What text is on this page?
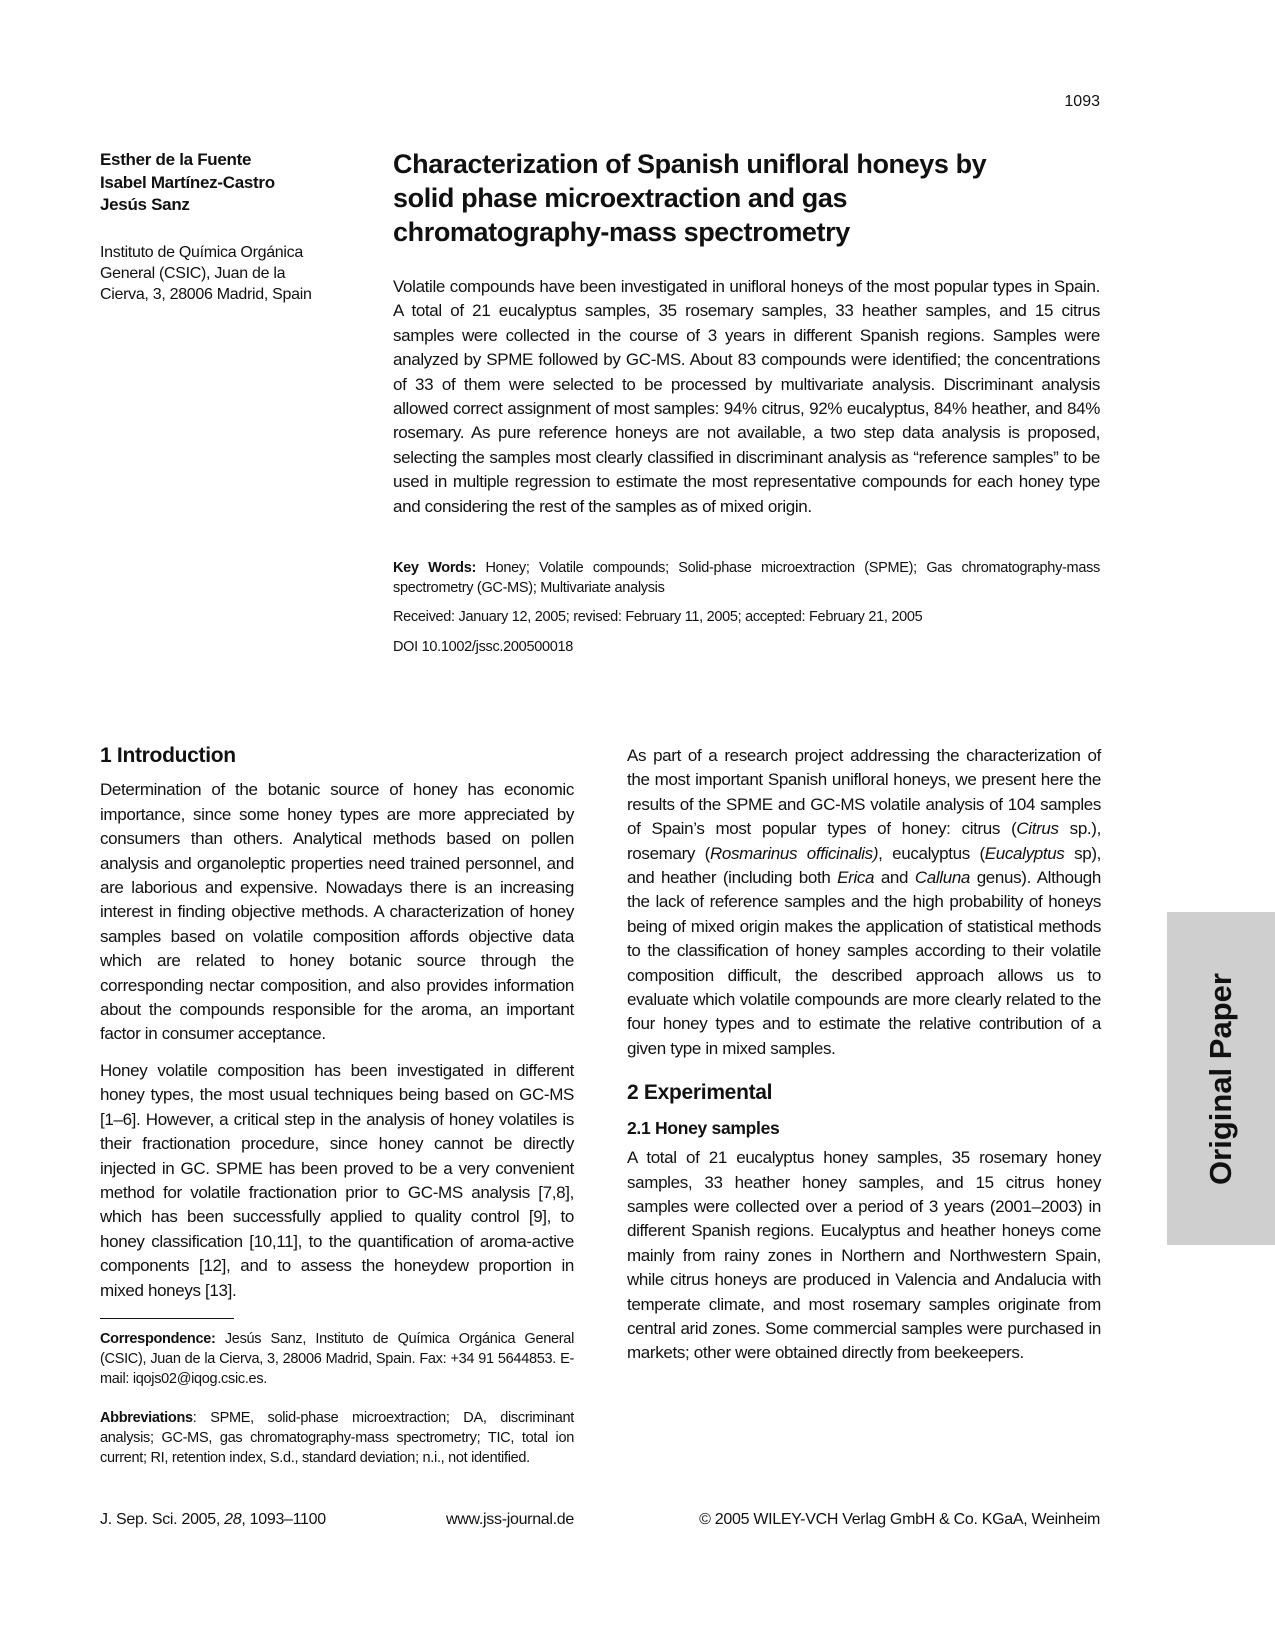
1093
Esther de la Fuente
Isabel Martínez-Castro
Jesús Sanz
Instituto de Química Orgánica
General (CSIC), Juan de la
Cierva, 3, 28006 Madrid, Spain
Characterization of Spanish unifloral honeys by
solid phase microextraction and gas
chromatography-mass spectrometry

Volatile compounds have been investigated in unifloral honeys of the most popular types in Spain. A total of 21 eucalyptus samples, 35 rosemary samples, 33 heather samples, and 15 citrus samples were collected in the course of 3 years in different Spanish regions. Samples were analyzed by SPME followed by GC-MS. About 83 compounds were identified; the concentrations of 33 of them were selected to be processed by multivariate analysis. Discriminant analysis allowed correct assignment of most samples: 94% citrus, 92% eucalyptus, 84% heather, and 84% rosemary. As pure reference honeys are not available, a two step data analysis is proposed, selecting the samples most clearly classified in discriminant analysis as “reference samples” to be used in multiple regression to estimate the most representative compounds for each honey type and considering the rest of the samples as of mixed origin.

Key Words: Honey; Volatile compounds; Solid-phase microextraction (SPME); Gas chromatography-mass spectrometry (GC-MS); Multivariate analysis

Received: January 12, 2005; revised: February 11, 2005; accepted: February 21, 2005

DOI 10.1002/jssc.200500018

1 Introduction

Determination of the botanic source of honey has economic importance, since some honey types are more appreciated by consumers than others. Analytical methods based on pollen analysis and organoleptic properties need trained personnel, and are laborious and expensive. Nowadays there is an increasing interest in finding objective methods. A characterization of honey samples based on volatile composition affords objective data which are related to honey botanic source through the corresponding nectar composition, and also provides information about the compounds responsible for the aroma, an important factor in consumer acceptance.

Honey volatile composition has been investigated in different honey types, the most usual techniques being based on GC-MS [1–6]. However, a critical step in the analysis of honey volatiles is their fractionation procedure, since honey cannot be directly injected in GC. SPME has been proved to be a very convenient method for volatile fractionation prior to GC-MS analysis [7,8], which has been successfully applied to quality control [9], to honey classification [10,11], to the quantification of aroma-active components [12], and to assess the honeydew proportion in mixed honeys [13].

Correspondence: Jesús Sanz, Instituto de Química Orgánica General (CSIC), Juan de la Cierva, 3, 28006 Madrid, Spain. Fax: +34 91 5644853. E-mail: iqojs02@iqog.csic.es.

Abbreviations: SPME, solid-phase microextraction; DA, discriminant analysis; GC-MS, gas chromatography-mass spectrometry; TIC, total ion current; RI, retention index, S.d., standard deviation; n.i., not identified.

As part of a research project addressing the characterization of the most important Spanish unifloral honeys, we present here the results of the SPME and GC-MS volatile analysis of 104 samples of Spain’s most popular types of honey: citrus (Citrus sp.), rosemary (Rosmarinus officinalis), eucalyptus (Eucalyptus sp), and heather (including both Erica and Calluna genus). Although the lack of reference samples and the high probability of honeys being of mixed origin makes the application of statistical methods to the classification of honey samples according to their volatile composition difficult, the described approach allows us to evaluate which volatile compounds are more clearly related to the four honey types and to estimate the relative contribution of a given type in mixed samples.

2 Experimental
2.1 Honey samples

A total of 21 eucalyptus honey samples, 35 rosemary honey samples, 33 heather honey samples, and 15 citrus honey samples were collected over a period of 3 years (2001–2003) in different Spanish regions. Eucalyptus and heather honeys come mainly from rainy zones in Northern and Northwestern Spain, while citrus honeys are produced in Valencia and Andalucia with temperate climate, and most rosemary samples originate from central arid zones. Some commercial samples were purchased in markets; other were obtained directly from beekeepers.

J. Sep. Sci. 2005, 28, 1093–1100	www.jss-journal.de	© 2005 WILEY-VCH Verlag GmbH & Co. KGaA, Weinheim
Original Paper
